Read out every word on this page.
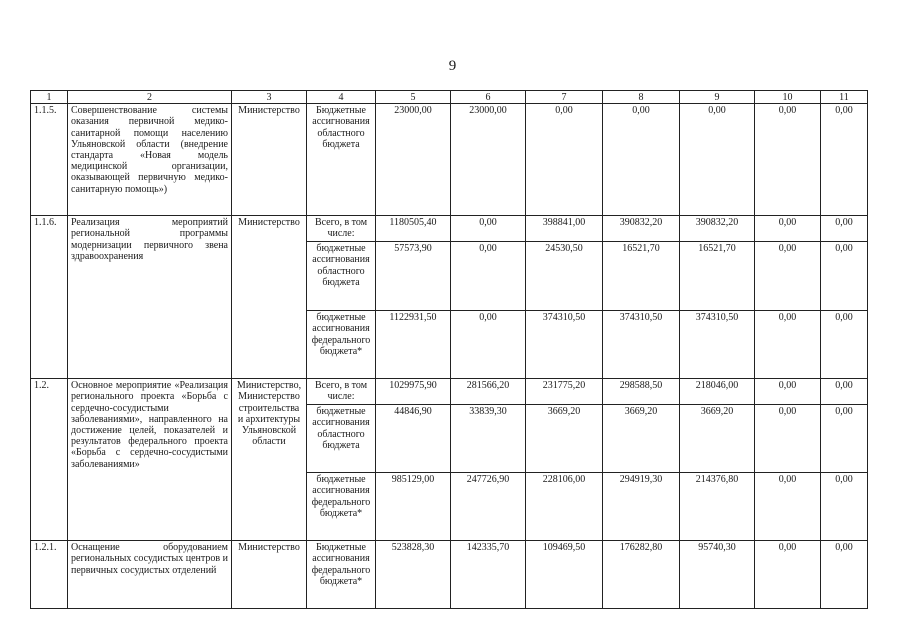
9
1	2	3	4	5	6	7	8	9	10	11
1.1.5.	Совершенствование системы оказания первичной медико-санитарной помощи населению Ульяновской области (внедрение стандарта «Новая модель медицинской организации, оказывающей первичную медико-санитарную помощь»)	Министерство	Бюджетные ассигнования областного бюджета	23000,00	23000,00	0,00	0,00	0,00	0,00	0,00
1.1.6.	Реализация мероприятий региональной программы модернизации первичного звена здравоохранения	Министерство	Всего, в том числе:	1180505,40	0,00	398841,00	390832,20	390832,20	0,00	0,00
			бюджетные ассигнования областного бюджета	57573,90	0,00	24530,50	16521,70	16521,70	0,00	0,00
			бюджетные ассигнования федерального бюджета*	1122931,50	0,00	374310,50	374310,50	374310,50	0,00	0,00
1.2.	Основное мероприятие «Реализация регионального проекта «Борьба с сердечно-сосудистыми заболеваниями», направленного на достижение целей, показателей и результатов федерального проекта «Борьба с сердечно-сосудистыми заболеваниями»	Министерство, Министерство строительства и архитектуры Ульяновской области	Всего, в том числе:	1029975,90	281566,20	231775,20	298588,50	218046,00	0,00	0,00
			бюджетные ассигнования областного бюджета	44846,90	33839,30	3669,20	3669,20	3669,20	0,00	0,00
			бюджетные ассигнования федерального бюджета*	985129,00	247726,90	228106,00	294919,30	214376,80	0,00	0,00
1.2.1.	Оснащение оборудованием региональных сосудистых центров и первичных сосудистых отделений	Министерство	Бюджетные ассигнования федерального бюджета*	523828,30	142335,70	109469,50	176282,80	95740,30	0,00	0,00
